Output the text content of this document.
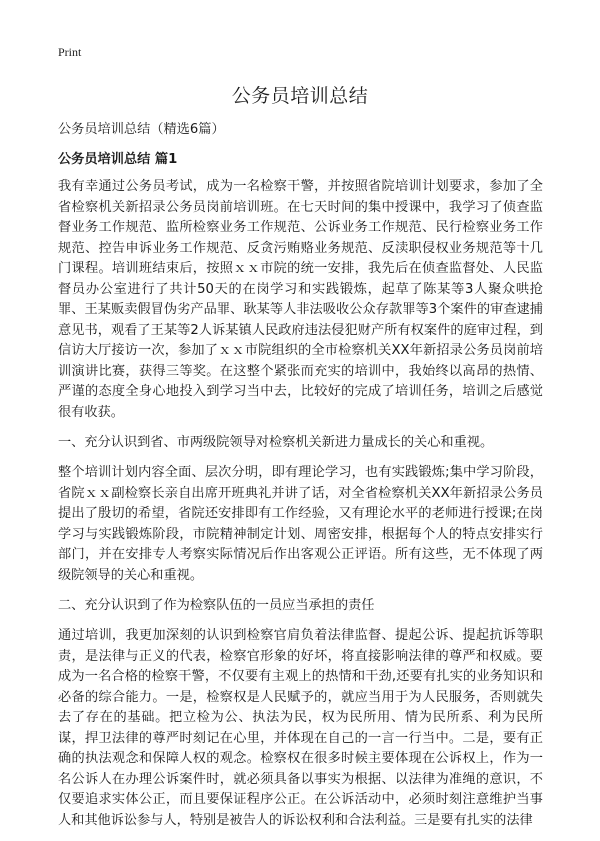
Print
公务员培训总结

公务员培训总结（精选6篇）

公务员培训总结 篇1

我有幸通过公务员考试，成为一名检察干警，并按照省院培训计划要求，参加了全省检察机关新招录公务员岗前培训班。在七天时间的集中授课中，我学习了侦查监督业务工作规范、监所检察业务工作规范、公诉业务工作规范、民行检察业务工作规范、控告申诉业务工作规范、反贪污贿赂业务规范、反渎职侵权业务规范等十几门课程。培训班结束后，按照ｘｘ市院的统一安排，我先后在侦查监督处、人民监督员办公室进行了共计50天的在岗学习和实践锻炼，起草了陈某等3人聚众哄抢罪、王某贩卖假冒伪劣产品罪、耿某等人非法吸收公众存款罪等3个案件的审查逮捕意见书，观看了王某等2人诉某镇人民政府违法侵犯财产所有权案件的庭审过程，到信访大厅接访一次，参加了ｘｘ市院组织的全市检察机关XX年新招录公务员岗前培训演讲比赛，获得三等奖。在这整个紧张而充实的培训中，我始终以高昂的热情、严谨的态度全身心地投入到学习当中去，比较好的完成了培训任务，培训之后感觉很有收获。

一、充分认识到省、市两级院领导对检察机关新进力量成长的关心和重视。

整个培训计划内容全面、层次分明，即有理论学习，也有实践锻炼;集中学习阶段，省院ｘｘ副检察长亲自出席开班典礼并讲了话，对全省检察机关XX年新招录公务员提出了殷切的希望，省院还安排即有工作经验，又有理论水平的老师进行授课;在岗学习与实践锻炼阶段，市院精神制定计划、周密安排，根据每个人的特点安排实行部门，并在安排专人考察实际情况后作出客观公正评语。所有这些，无不体现了两级院领导的关心和重视。

二、充分认识到了作为检察队伍的一员应当承担的责任

通过培训，我更加深刻的认识到检察官肩负着法律监督、提起公诉、提起抗诉等职责，是法律与正义的代表，检察官形象的好坏，将直接影响法律的尊严和权威。要成为一名合格的检察干警，不仅要有主观上的热情和干劲,还要有扎实的业务知识和必备的综合能力。一是，检察权是人民赋予的，就应当用于为人民服务，否则就失去了存在的基础。把立检为公、执法为民，权为民所用、情为民所系、利为民所谋，捍卫法律的尊严时刻记在心里，并体现在自己的一言一行当中。二是，要有正确的执法观念和保障人权的观念。检察权在很多时候主要体现在公诉权上，作为一名公诉人在办理公诉案件时，就必须具备以事实为根据、以法律为准绳的意识，不仅要追求实体公正，而且要保证程序公正。在公诉活动中，必须时刻注意维护当事人和其他诉讼参与人，特别是被告人的诉讼权利和合法利益。三是要有扎实的法律
